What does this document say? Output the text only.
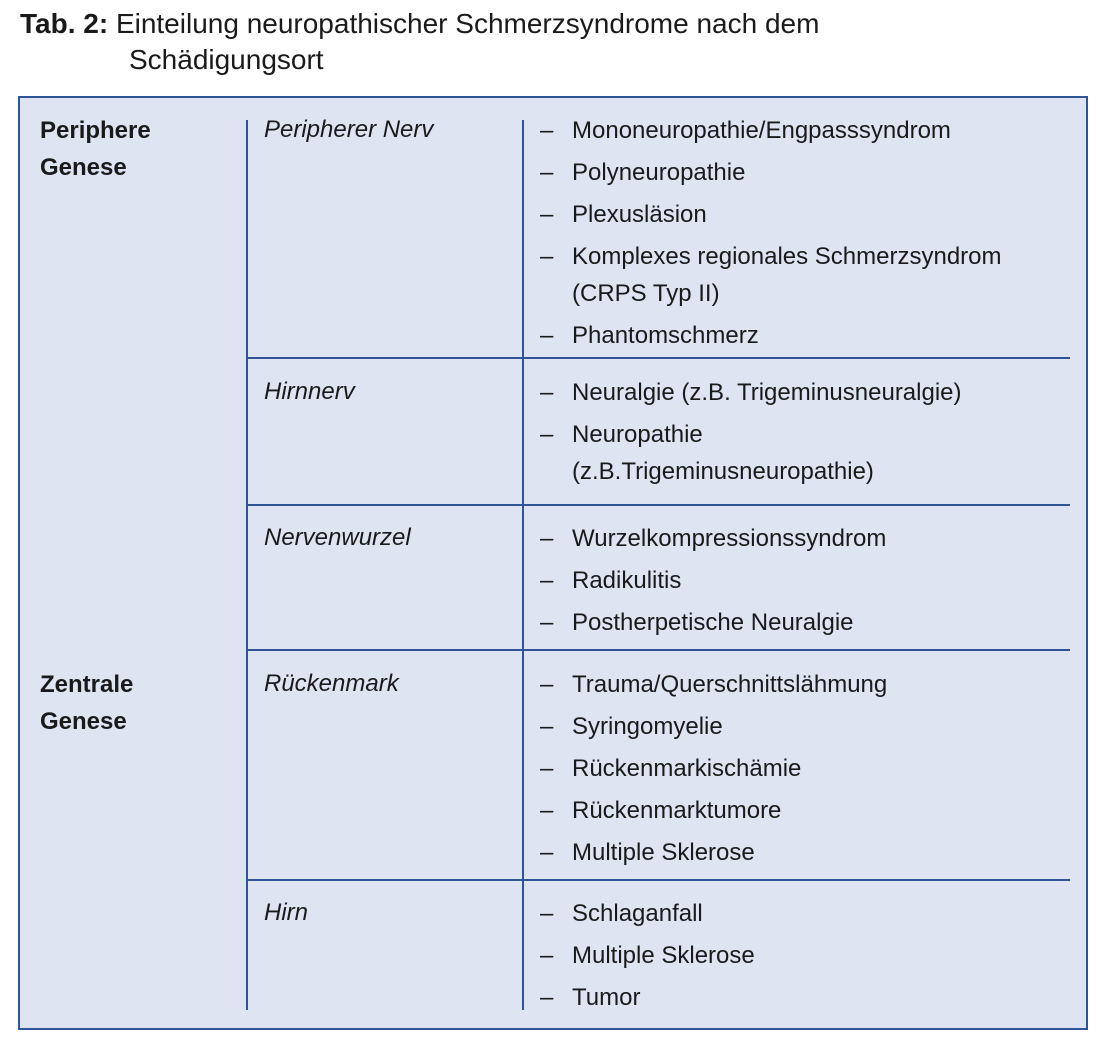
Tab. 2: Einteilung neuropathischer Schmerzsyndrome nach dem
Schädigungsort
Periphere
Genese
Peripherer Nerv	– Mononeuropathie/Engpasssyndrom
– Polyneuropathie
– Plexusläsion
– Komplexes regionales Schmerzsyndrom (CRPS Typ II)
– Phantomschmerz
Hirnnerv	– Neuralgie (z.B. Trigeminusneuralgie)
– Neuropathie (z.B.Trigeminusneuropathie)
Nervenwurzel	– Wurzelkompressionssyndrom
– Radikulitis
– Postherpetische Neuralgie
Zentrale
Genese
Rückenmark	– Trauma/Querschnittslähmung
– Syringomyelie
– Rückenmarkischämie
– Rückenmarktumore
– Multiple Sklerose
Hirn	– Schlaganfall
– Multiple Sklerose
– Tumor
